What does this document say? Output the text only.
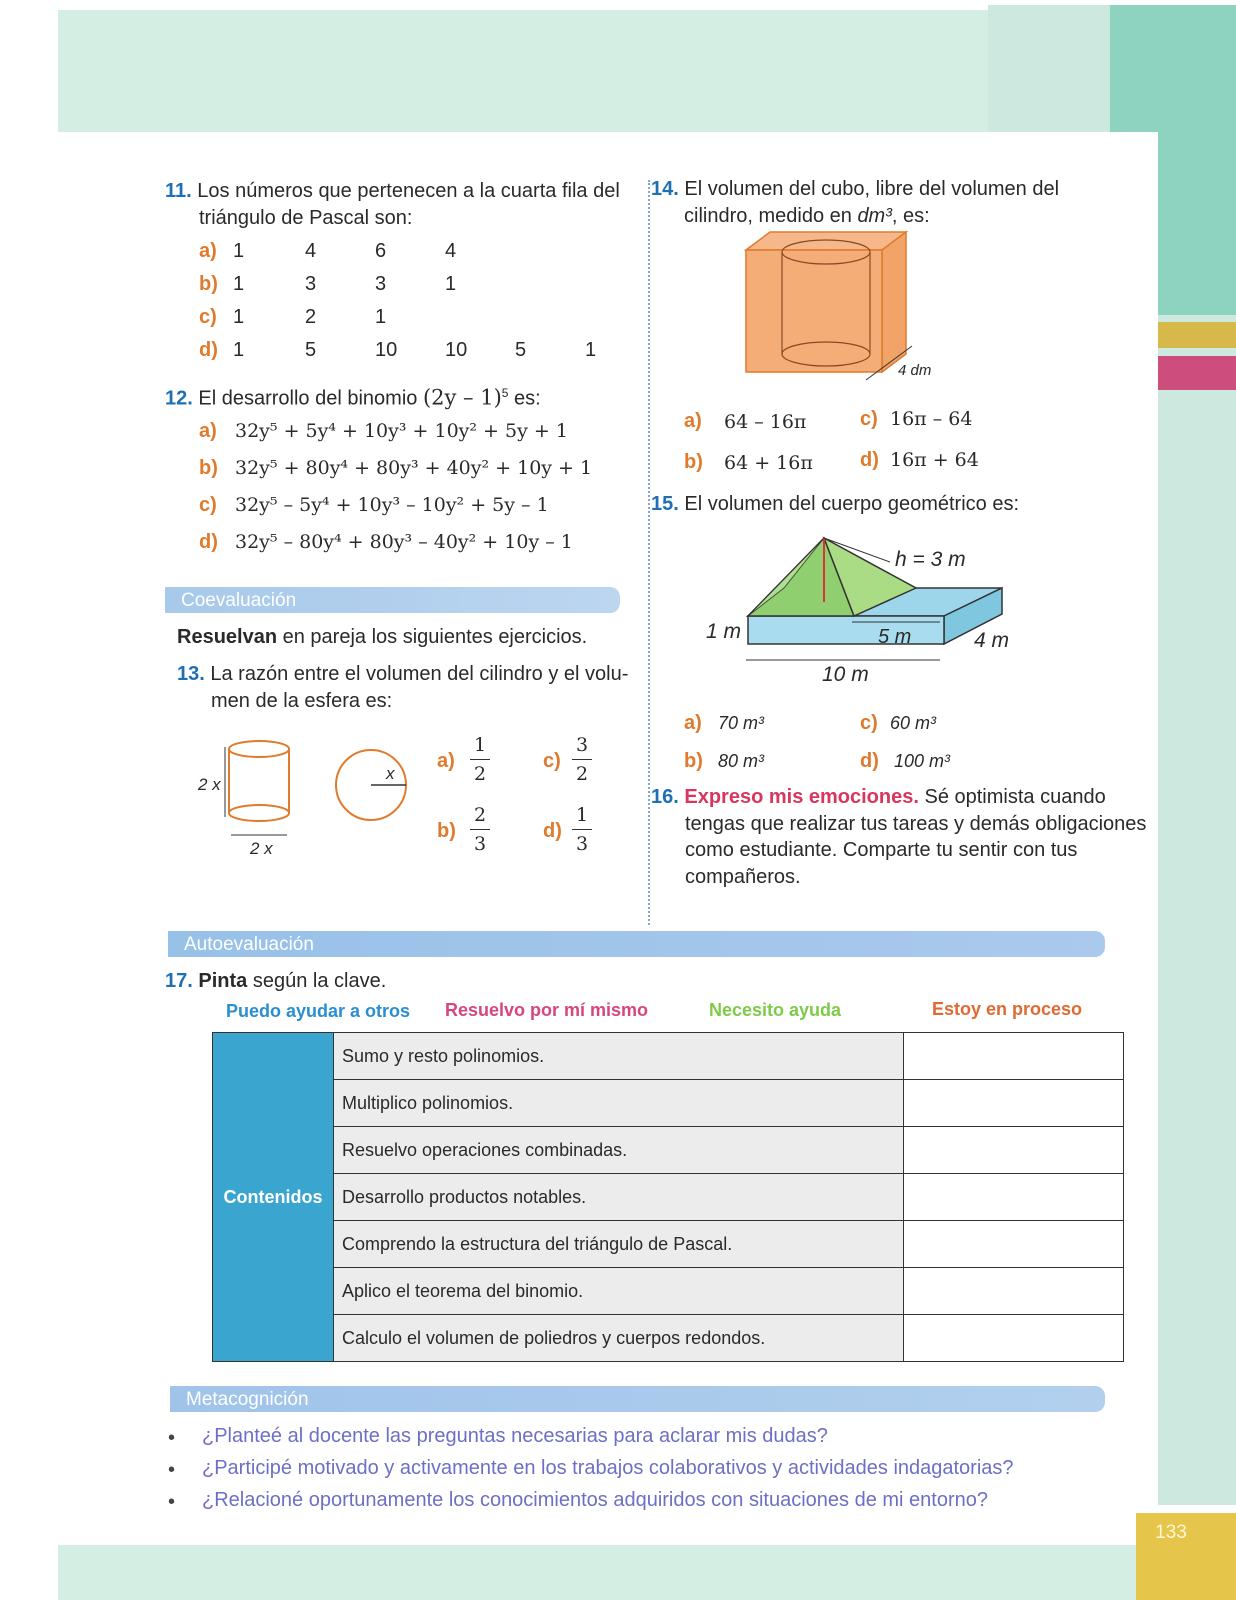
133
11. Los números que pertenecen a la cuarta fila del
triángulo de Pascal son:
a) 1	4	6	4
b) 1	3	3	1
c) 1	2	1
d) 1	5	10 10 5	1
12. El desarrollo del binomio (2y – 1)$^5$ es:
a) 32y⁵ + 5y⁴ + 10y³ + 10y² + 5y + 1
b) 32y⁵ + 80y⁴ + 80y³ + 40y² + 10y + 1
c) 32y⁵ – 5y⁴ + 10y³ – 10y² + 5y – 1
d) 32y⁵ – 80y⁴ + 80y³ – 40y² + 10y – 1
Coevaluación
Resuelvan en pareja los siguientes ejercicios.
13. La razón entre el volumen del cilindro y el volu-
men de la esfera es:
2 x
2 x
x
a)
1
2
b)
2
3
c)
3
2
d)
1
3
14. El volumen del cubo, libre del volumen del
cilindro, medido en dm³, es:
4 dm
a) 64 – 16π
b) 64 + 16π
c) 16π – 64
d) 16π + 64
15. El volumen del cuerpo geométrico es:
h = 3 m
1 m	5 m	4 m
10 m
a) 70 m³
b) 80 m³
c) 60 m³
d) 100 m³
16. Expreso mis emociones. Sé optimista cuando
tengas que realizar tus tareas y demás obligaciones
como estudiante. Comparte tu sentir con tus
compañeros.
Autoevaluación
17. Pinta según la clave.
Puedo ayudar a otros Resuelvo por mí mismo	Necesito ayuda	Estoy en proceso
Contenidos	Sumo y resto polinomios.	
	Multiplico polinomios.	
	Resuelvo operaciones combinadas.	
	Desarrollo productos notables.	
	Comprendo la estructura del triángulo de Pascal.	
	Aplico el teorema del binomio.	
	Calculo el volumen de poliedros y cuerpos redondos.	
Metacognición
• ¿Planteé al docente las preguntas necesarias para aclarar mis dudas?
• ¿Participé motivado y activamente en los trabajos colaborativos y actividades indagatorias?
• ¿Relacioné oportunamente los conocimientos adquiridos con situaciones de mi entorno?
